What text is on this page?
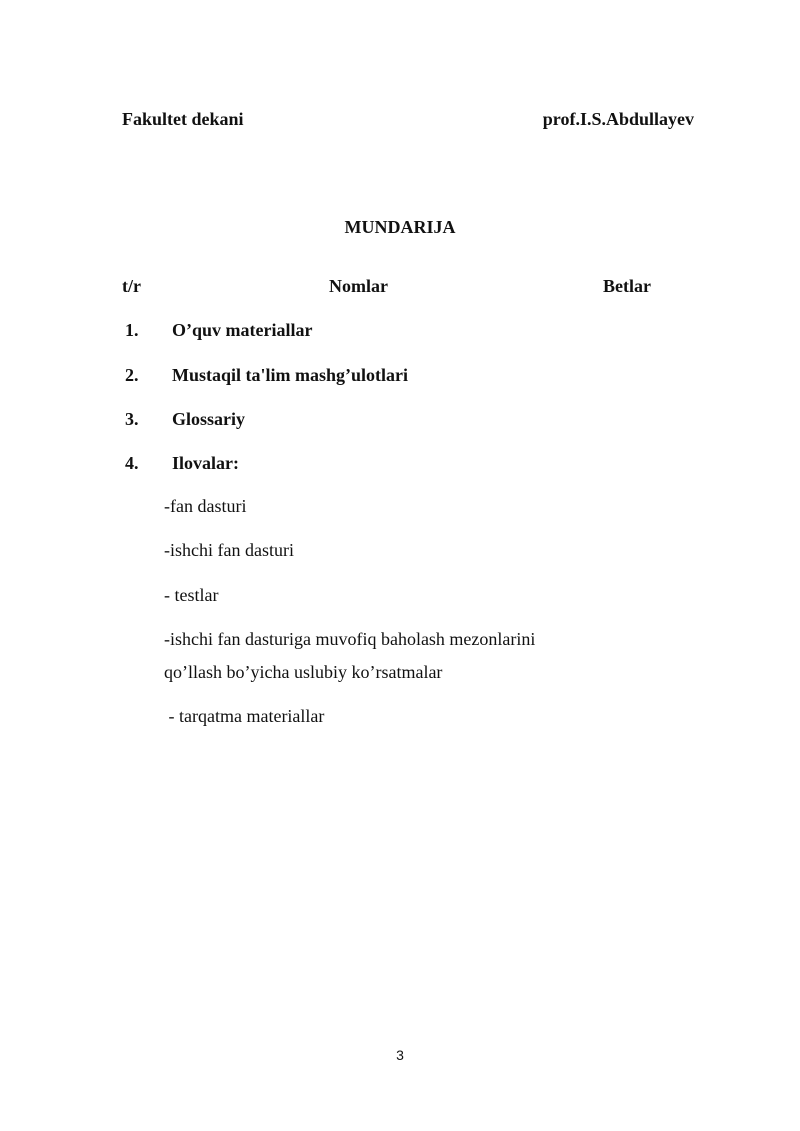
Fakultet dekani	prof.I.S.Abdullayev
MUNDARIJA
t/r	Nomlar	Betlar
1. O’quv materiallar
2. Mustaqil ta'lim mashg’ulotlari
3. Glossariy
4. Ilovalar:
-fan dasturi
-ishchi fan dasturi
- testlar
-ishchi fan dasturiga muvofiq baholash mezonlarini
qo’llash bo’yicha uslubiy ko’rsatmalar
- tarqatma materiallar
3
